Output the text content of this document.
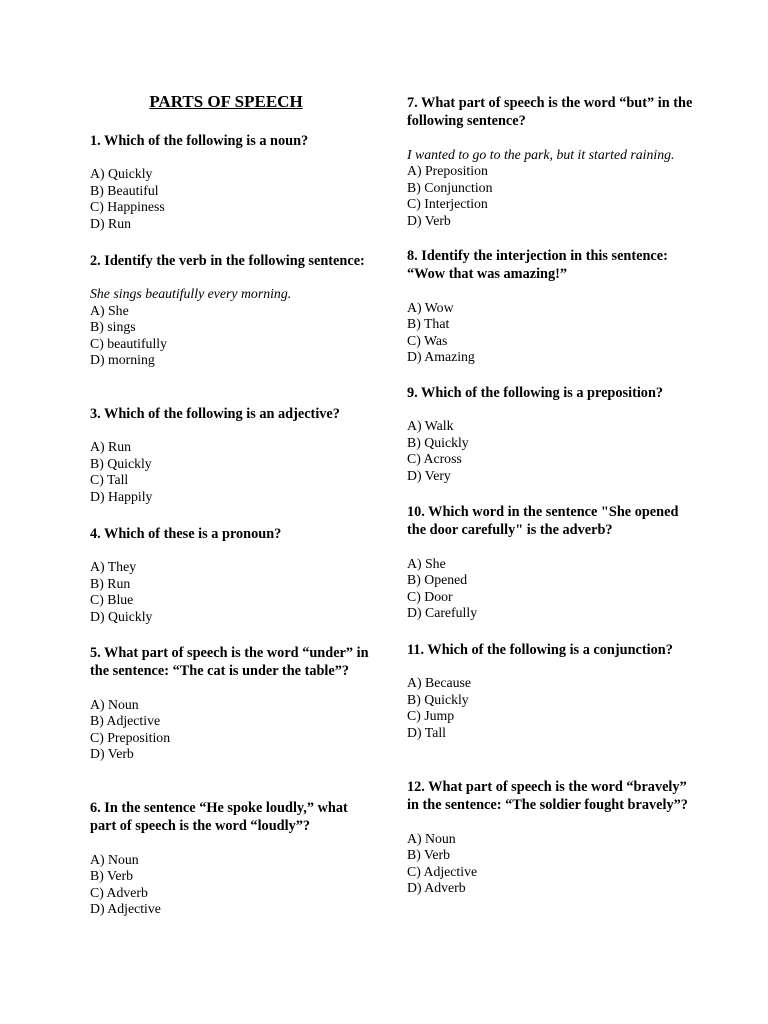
PARTS OF SPEECH

1. Which of the following is a noun?

A) Quickly
B) Beautiful
C) Happiness
D) Run

2. Identify the verb in the following sentence:

She sings beautifully every morning.

A) She
B) sings
C) beautifully
D) morning

3. Which of the following is an adjective?

A) Run
B) Quickly
C) Tall
D) Happily

4. Which of these is a pronoun?

A) They
B) Run
C) Blue
D) Quickly

5. What part of speech is the word “under” in the sentence: “The cat is under the table”?

A) Noun
B) Adjective
C) Preposition
D) Verb

6. In the sentence “He spoke loudly,” what part of speech is the word “loudly”?

A) Noun
B) Verb
C) Adverb
D) Adjective

7. What part of speech is the word “but” in the following sentence?

I wanted to go to the park, but it started raining.

A) Preposition
B) Conjunction
C) Interjection
D) Verb

8. Identify the interjection in this sentence: “Wow that was amazing!”

A) Wow
B) That
C) Was
D) Amazing

9. Which of the following is a preposition?

A) Walk
B) Quickly
C) Across
D) Very

10. Which word in the sentence "She opened the door carefully" is the adverb?

A) She
B) Opened
C) Door
D) Carefully

11. Which of the following is a conjunction?

A) Because
B) Quickly
C) Jump
D) Tall

12. What part of speech is the word “bravely” in the sentence: “The soldier fought bravely”?

A) Noun
B) Verb
C) Adjective
D) Adverb
